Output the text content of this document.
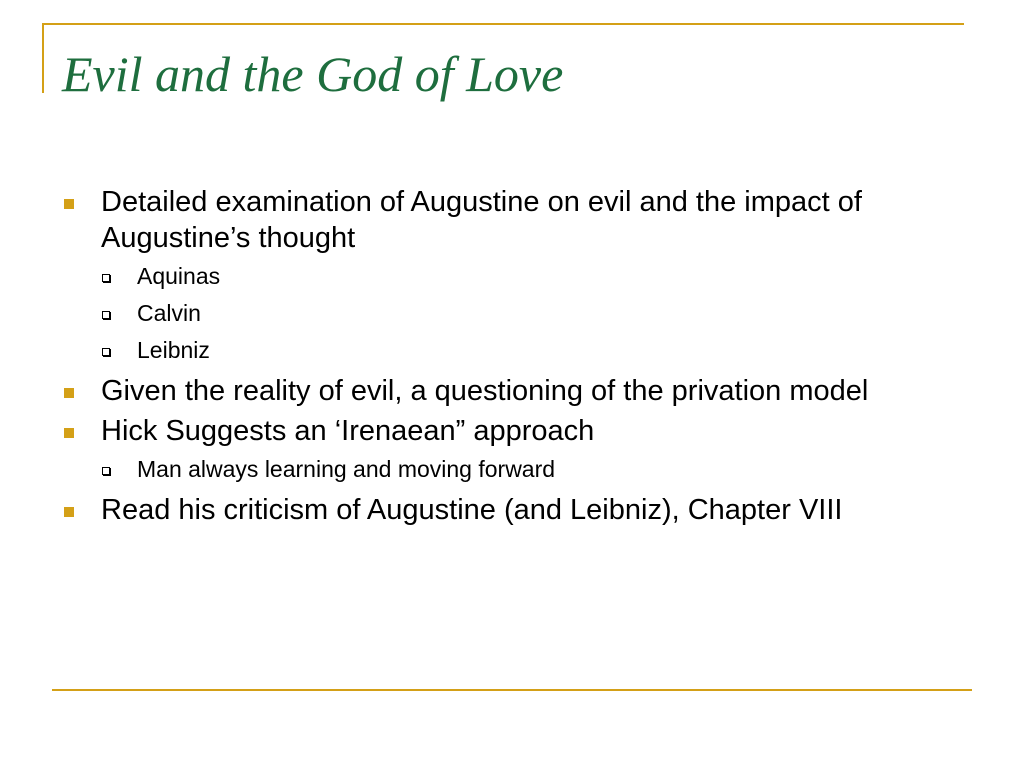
Evil and the God of Love
Detailed examination of Augustine on evil and the impact of Augustine’s thought
Aquinas
Calvin
Leibniz
Given the reality of evil, a questioning of the privation model
Hick Suggests an ‘Irenaean” approach
Man always learning and moving forward
Read his criticism of Augustine (and Leibniz), Chapter VIII
